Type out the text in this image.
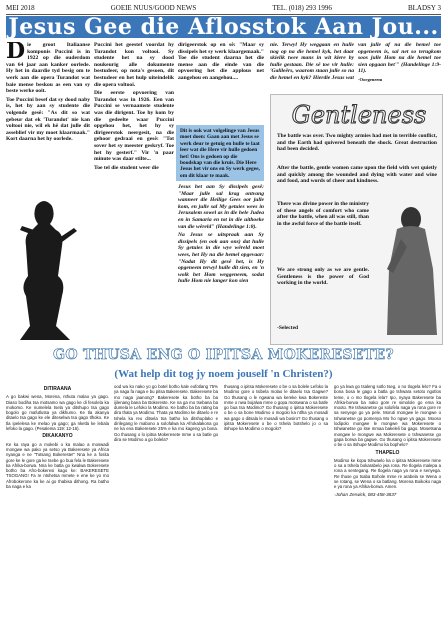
MEI 2018	GOEIE NUUS/GOOD NEWS	TEL. (018) 293 1996	BLADSY 3
Jesus Gee die Aflosstok Aan Jou...
D ie groot Italiaanse komponis Puccini is in 1922 op die ouderdom van 64 jaar aan kanker oorlede. Hy het in daardie tyd besig om te werk aan die opera Turandot wat baie mense beskou as een van sy beste werke ooit.

Toe Puccini besef dat sy dood naby is, het hy aan sy studente die volgende gesê: "As dit so wat gebeur dat ek 'Turandot' nie kan voltooi nie, wil ek hê dat julle dit asseblief vir my moet klaarmaak." Kort daarna het hy oorlede.

Puccini het geestef voordat hy Turandot kon voltooi. Sy studente het na sy dood noukeurig alle dokumente bestudeer, op nota's gesoen, dit bestudeer en het hulp uiteindelik die opera voltooi.

Die eerste opvoering van Turandot was in 1926. Een van Puccini se vernaamste studente was die dirigent. Toe hy kom by die gedeelte waar Puccini opgehou het, het hy sy dirigeerstok neergesit, na die gehoor gedraai en gesê: "Tot sover het sy meester geskryf. Toe het hy gesterf." Vir 'n paar minute was daar stilte...

Toe tel die student weer die

dirigeerstok op en sê: "Maar sy dissipels het sy werk klaargemaak." Toe die student daarna het die mense aan die einde van die opvoering het die applous net aangehou en aangehou....

Dit is ook wat volgelinge van Jesus moet doen: Gaan aan met Jesus se werk deur te getuig en hulle te laat leer wat die Here vir hulle gedoen het! Ons is gedoen op die boodskap van die kruis. Die Here Jesus het vir ons en Sy werk gegee, om dit klaar te maak.

Jesus het aan Sy dissipels gesê: "Maar julle sal krag ontvang wanneer die Heilige Gees oor julle kom, en julle sal My getuies wees in Jerusalem sowel as in die hele Judea en in Samaria en tot in die uithoeke van die wêreld" (Handelinge 1:8).

Na Jesus se uitspraak aan Sy dissipels (en ook aan ons) dat hulle Sy getuies in die wye wêreld moet wees, het Hy na die hemel opgevaar: "Nadat Hy dit gesê het, is Hy opgeneem terwyl hulle dit sien, en 'n wolk het Hom weggeneem, sodat hulle Hom nie langer kon sien

nie. Terwyl Hy weggaan en hulle nog op na die hemel kyk, het daar skielik twee mans in wit klere by hulle gestaan. Die sê toe vir hulle: 'Galileërs, waarom staan julle so na die hemel en kyk? Hierdie Jesus wat

van julle af na die hemel toe opgeneem is, sal net so terugkom soos julle Hom na die hemel toe sien opgaan het'" (Handelinge 1:9-11).

-Oorgeneem

Gentleness
The battle was over. Two mighty armies had met in terrible conflict, and the Earth had quivered beneath the shock. Great destruction had been decided.
After the battle, gentle women came upon the field with wet quietly and quickly among the wounded and dying with water and wine and food, and words of cheer and kindness.
There was divine power in the ministry of these angels of comfort who came after the battle, when all was still, than in the awful force of the battle itself.
We are strong only as we are gentle. Gentleness is the power of God working in the world.
-Selected
GO THUSA ENG O IPITSA MOKERESETE?
(Wat help dit tog jy noem jouself 'n Christen?)
DITIRAANA

A go bakwi wena, Morena, nthuta malao ya gago. Diaso bodiha tsa motsamo wa gago ke di fesolela ka mokomo. Ke numelela tsela ya ditshupo tsa gago bogolo go mafutlutsa ya dikhumo. Ke tla akanya ditaelo tsa gago ke ele diteselwa tsa gago tlhoko. Ke tla ipelelesa ke melao ya gago; ga nketla ke lebala lefoko la gago. (Pesalema 119: 12-16).

DIKAKANYO

Ke ka raya go a mokebi o ka malao a moswadi mongwe wa pako ya setso ya Bakeresete ya Africa nyanga e ne "Totsang Bokereste!" Nna ke a fosita gore ke le gore ga ke tsebe go bua fela le Bakeresete ka Afrika-borwa. Nna ke batla go kwalwa Bokeresete botho ba Afro-bokeresi kago ke: BAKERESETE TSOGANG! Fa re ntshetsa mmete e ene ke yo mo Afrobokerone ka ke ai go thabisa dithong. Ra batho ba naga e ka

ood wa ko nako yo go botel botho kale eofotlang 75% ya naga fa naga e bu pitsa Bakeresete. Bakeresete ba mo naga jaanong? Bakeresete ka botho ba ba ijilenang bana ba Bokereste. Ke na ga mo tsebana ba dumela le Lefoko la Modimo. Ke batho ba ba rating ba dira thata ya Modimo. Thata ya Modimo ke ditaelo e re tshela ka reo ditsela tsa batho ka ditshuplako e dirilegang le mabono a solofalwa ka Afrokalakona go ne ka ena Bakeresete 25% e ka mo kageng ya bona. Go thusang o lo ipitsa Mokeresete mme o sa batle go dira se Modimo a go bolela?

thusang o ipitsa Mokeresete o be o sa bolele Lefoko la Modimo gore o tsibela molao le ditaelo tsa Gagwe? Go thusang o le ngwana wa kereke kwa Bokereste mme o nwa bojalwa mme o gopa motswana o sa batle go bua tsa Modimo? Go thusang o ipitsa Mokeresete o be o sa bone Modimo o mogolo ka ntlha ya mosadi wa gago o ditsala le mosadi wa bosiro? Go thusang o ipitsa Mokeresete o be o tshela botshelo jo o sa itshupe ka Modimo o mogolo?

go ya kwa go tsaleng sotlo tseg, o no tlogela lelo? Fa o bona bosa le gago a batla go tshwara setoto ngotlos teme, o o mo tlogela lela? Ipo, nyaya Bakeresete ba Afrika-borwa ba nako gore re simolole go ema ka mooto. Re tshwanetse go solofela naga ya rona gore re sa senyege go ya pele. Moruti mongwe le mongwe o tshwanetse go pomenya Mo ho ngwe ya gago. Mooso lodipolo mongwe le mongwe wa Mokeresete o tshwanetse go itse mmaa bakeleli ba gago. Mosetsana mongwe le mongwe wa Mokeresete o tshwanetse go gapa borwa ba gagwe. Go thusang o ipitsa Mokeresete o be o sa itshupe Modimo ka bophelo?

THAPELO

Modimo ke kopa tshwaelo ka o ipitsa Mokeresete mme o sa a tshela bokarabelo jwa rona. Re tlogela malepa a rona a sentegang. Re tlogela naga ya rona e senyega. Re thuse go tsaba Bohole mme re arabela se Wena o se rotang, se Wena o sa batlang. Morena Boikoko naga e ya rona ya Afrika-borwa. Amen.

-Johan Zerwick, 083-458-3837
